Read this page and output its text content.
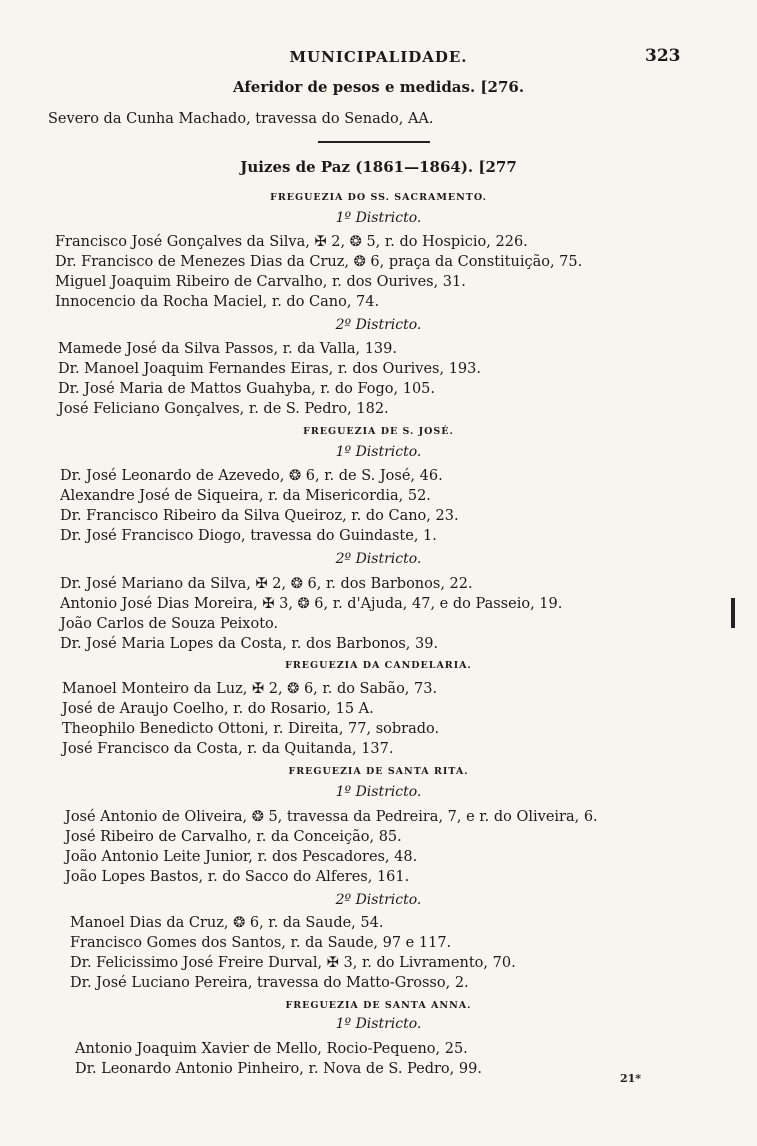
MUNICIPALIDADE.	323
Aferidor de pesos e medidas. [276.
Severo da Cunha Machado, travessa do Senado, AA.
Juizes de Paz (1861—1864). [277
FREGUEZIA DO SS. SACRAMENTO.
1º Districto.
Francisco José Gonçalves da Silva, ✠ 2, ❂ 5, r. do Hospicio, 226.
Dr. Francisco de Menezes Dias da Cruz, ❂ 6, praça da Constituição, 75.
Miguel Joaquim Ribeiro de Carvalho, r. dos Ourives, 31.
Innocencio da Rocha Maciel, r. do Cano, 74.
2º Districto.
Mamede José da Silva Passos, r. da Valla, 139.
Dr. Manoel Joaquim Fernandes Eiras, r. dos Ourives, 193.
Dr. José Maria de Mattos Guahyba, r. do Fogo, 105.
José Feliciano Gonçalves, r. de S. Pedro, 182.
FREGUEZIA DE S. JOSÉ.
1º Districto.
Dr. José Leonardo de Azevedo, ❂ 6, r. de S. José, 46.
Alexandre José de Siqueira, r. da Misericordia, 52.
Dr. Francisco Ribeiro da Silva Queiroz, r. do Cano, 23.
Dr. José Francisco Diogo, travessa do Guindaste, 1.
2º Districto.
Dr. José Mariano da Silva, ✠ 2, ❂ 6, r. dos Barbonos, 22.
Antonio José Dias Moreira, ✠ 3, ❂ 6, r. d'Ajuda, 47, e do Passeio, 19.
João Carlos de Souza Peixoto.
Dr. José Maria Lopes da Costa, r. dos Barbonos, 39.
FREGUEZIA DA CANDELARIA.
Manoel Monteiro da Luz, ✠ 2, ❂ 6, r. do Sabão, 73.
José de Araujo Coelho, r. do Rosario, 15 A.
Theophilo Benedicto Ottoni, r. Direita, 77, sobrado.
José Francisco da Costa, r. da Quitanda, 137.
FREGUEZIA DE SANTA RITA.
1º Districto.
José Antonio de Oliveira, ❂ 5, travessa da Pedreira, 7, e r. do Oliveira, 6.
José Ribeiro de Carvalho, r. da Conceição, 85.
João Antonio Leite Junior, r. dos Pescadores, 48.
João Lopes Bastos, r. do Sacco do Alferes, 161.
2º Districto.
Manoel Dias da Cruz, ❂ 6, r. da Saude, 54.
Francisco Gomes dos Santos, r. da Saude, 97 e 117.
Dr. Felicissimo José Freire Durval, ✠ 3, r. do Livramento, 70.
Dr. José Luciano Pereira, travessa do Matto-Grosso, 2.
FREGUEZIA DE SANTA ANNA.
1º Districto.
Antonio Joaquim Xavier de Mello, Rocio-Pequeno, 25.
Dr. Leonardo Antonio Pinheiro, r. Nova de S. Pedro, 99.
21*
